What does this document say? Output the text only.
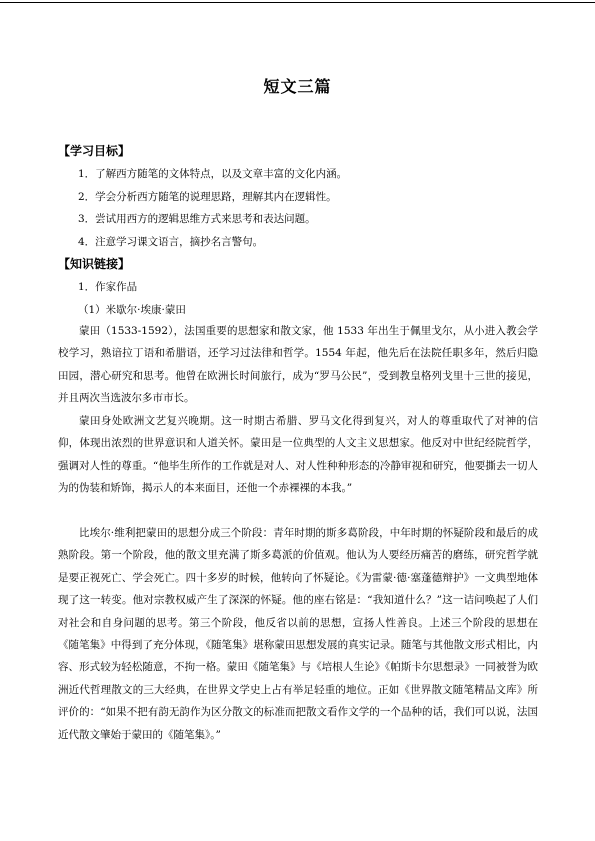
短文三篇
【学习目标】
1．了解西方随笔的文体特点，以及文章丰富的文化内涵。
2．学会分析西方随笔的说理思路，理解其内在逻辑性。
3．尝试用西方的逻辑思维方式来思考和表达问题。
4．注意学习课文语言，摘抄名言警句。
【知识链接】
1．作家作品
（1）米歇尔·埃康·蒙田
蒙田（1533-1592），法国重要的思想家和散文家，他 1533 年出生于佩里戈尔，从小进入教会学校学习，熟谙拉丁语和希腊语，还学习过法律和哲学。1554 年起，他先后在法院任职多年，然后归隐田园，潜心研究和思考。他曾在欧洲长时间旅行，成为“罗马公民”，受到教皇格列戈里十三世的接见，并且两次当选波尔多市市长。
蒙田身处欧洲文艺复兴晚期。这一时期古希腊、罗马文化得到复兴，对人的尊重取代了对神的信仰，体现出浓烈的世界意识和人道关怀。蒙田是一位典型的人文主义思想家。他反对中世纪经院哲学，强调对人性的尊重。“他毕生所作的工作就是对人、对人性种种形态的冷静审视和研究，他要撕去一切人为的伪装和矫饰，揭示人的本来面目，还他一个赤裸裸的本我。”
比埃尔·维利把蒙田的思想分成三个阶段：青年时期的斯多葛阶段，中年时期的怀疑阶段和最后的成熟阶段。第一个阶段，他的散文里充满了斯多葛派的价值观。他认为人要经历痛苦的磨练，研究哲学就是要正视死亡、学会死亡。四十多岁的时候，他转向了怀疑论。《为雷蒙·德·塞蓬德辩护》一文典型地体现了这一转变。他对宗教权威产生了深深的怀疑。他的座右铭是：“我知道什么？”这一诘问唤起了人们对社会和自身问题的思考。第三个阶段，他反省以前的思想，宣扬人性善良。上述三个阶段的思想在《随笔集》中得到了充分体现，《随笔集》堪称蒙田思想发展的真实记录。随笔与其他散文形式相比，内容、形式较为轻松随意，不拘一格。蒙田《随笔集》与《培根人生论》《帕斯卡尔思想录》一同被誉为欧洲近代哲理散文的三大经典，在世界文学史上占有举足轻重的地位。正如《世界散文随笔精品文库》所评价的：“如果不把有韵无韵作为区分散文的标准而把散文看作文学的一个品种的话，我们可以说，法国近代散文肇始于蒙田的《随笔集》。”
